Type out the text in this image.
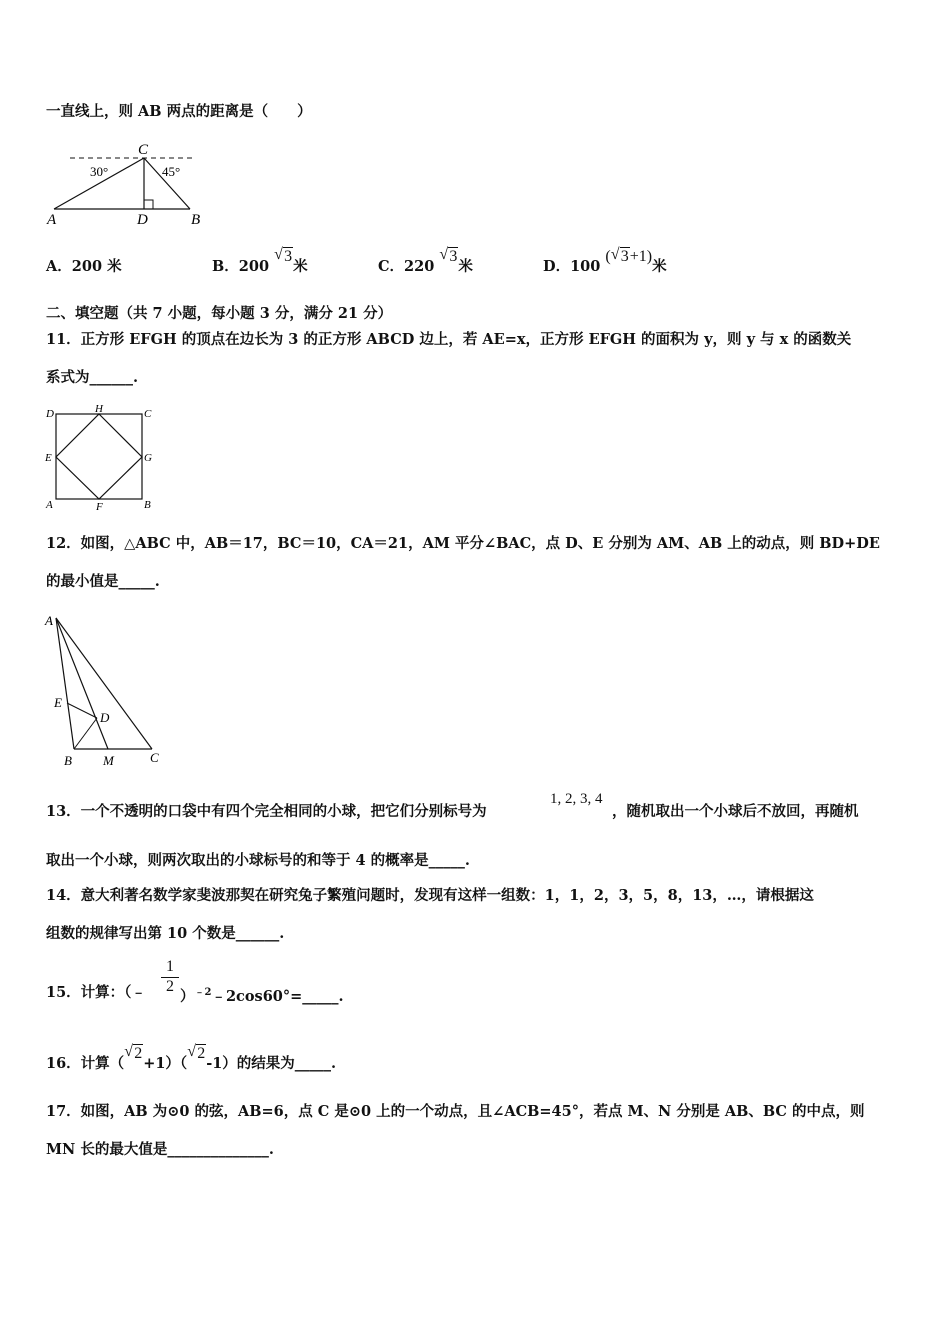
一直线上，则 AB 两点的距离是（　　）
C
30°	45°
A	D	B
A．200 米	B．200
√ 3米	C．220
√ 3米	D．100 ( √ 3+1)米
二、填空题（共 7 小题，每小题 3 分，满分 21 分）
11．正方形 EFGH 的顶点在边长为 3 的正方形 ABCD 边上，若 AE=x，正方形 EFGH 的面积为 y，则 y 与 x 的函数关
系式为______.
D	H	C
E	G
A	F	B
12．如图，△ABC 中，AB＝17，BC＝10，CA＝21，AM 平分∠BAC，点 D、E 分别为 AM、AB 上的动点，则 BD+DE
的最小值是_____.
A
E
D
B M	C
13．一个不透明的口袋中有四个完全相同的小球，把它们分别标号为
1, 2, 3, 4
，随机取出一个小球后不放回，再随机
取出一个小球，则两次取出的小球标号的和等于 4 的概率是_____.
14．意大利著名数学家斐波那契在研究兔子繁殖问题时，发现有这样一组数：1，1，2，3，5，8，13，…，请根据这
组数的规律写出第 10 个数是______.
15．计算：（﹣ $\frac{1}{2}$
）$^{﹣2}$﹣2cos60°=_____.
16．计算（
√ 2+1）（
√ 2-1）的结果为_____.
17．如图，AB 为⊙0 的弦，AB=6，点 C 是⊙0 上的一个动点，且∠ACB=45°，若点 M、N 分别是 AB、BC 的中点，则
MN 长的最大值是______________.
